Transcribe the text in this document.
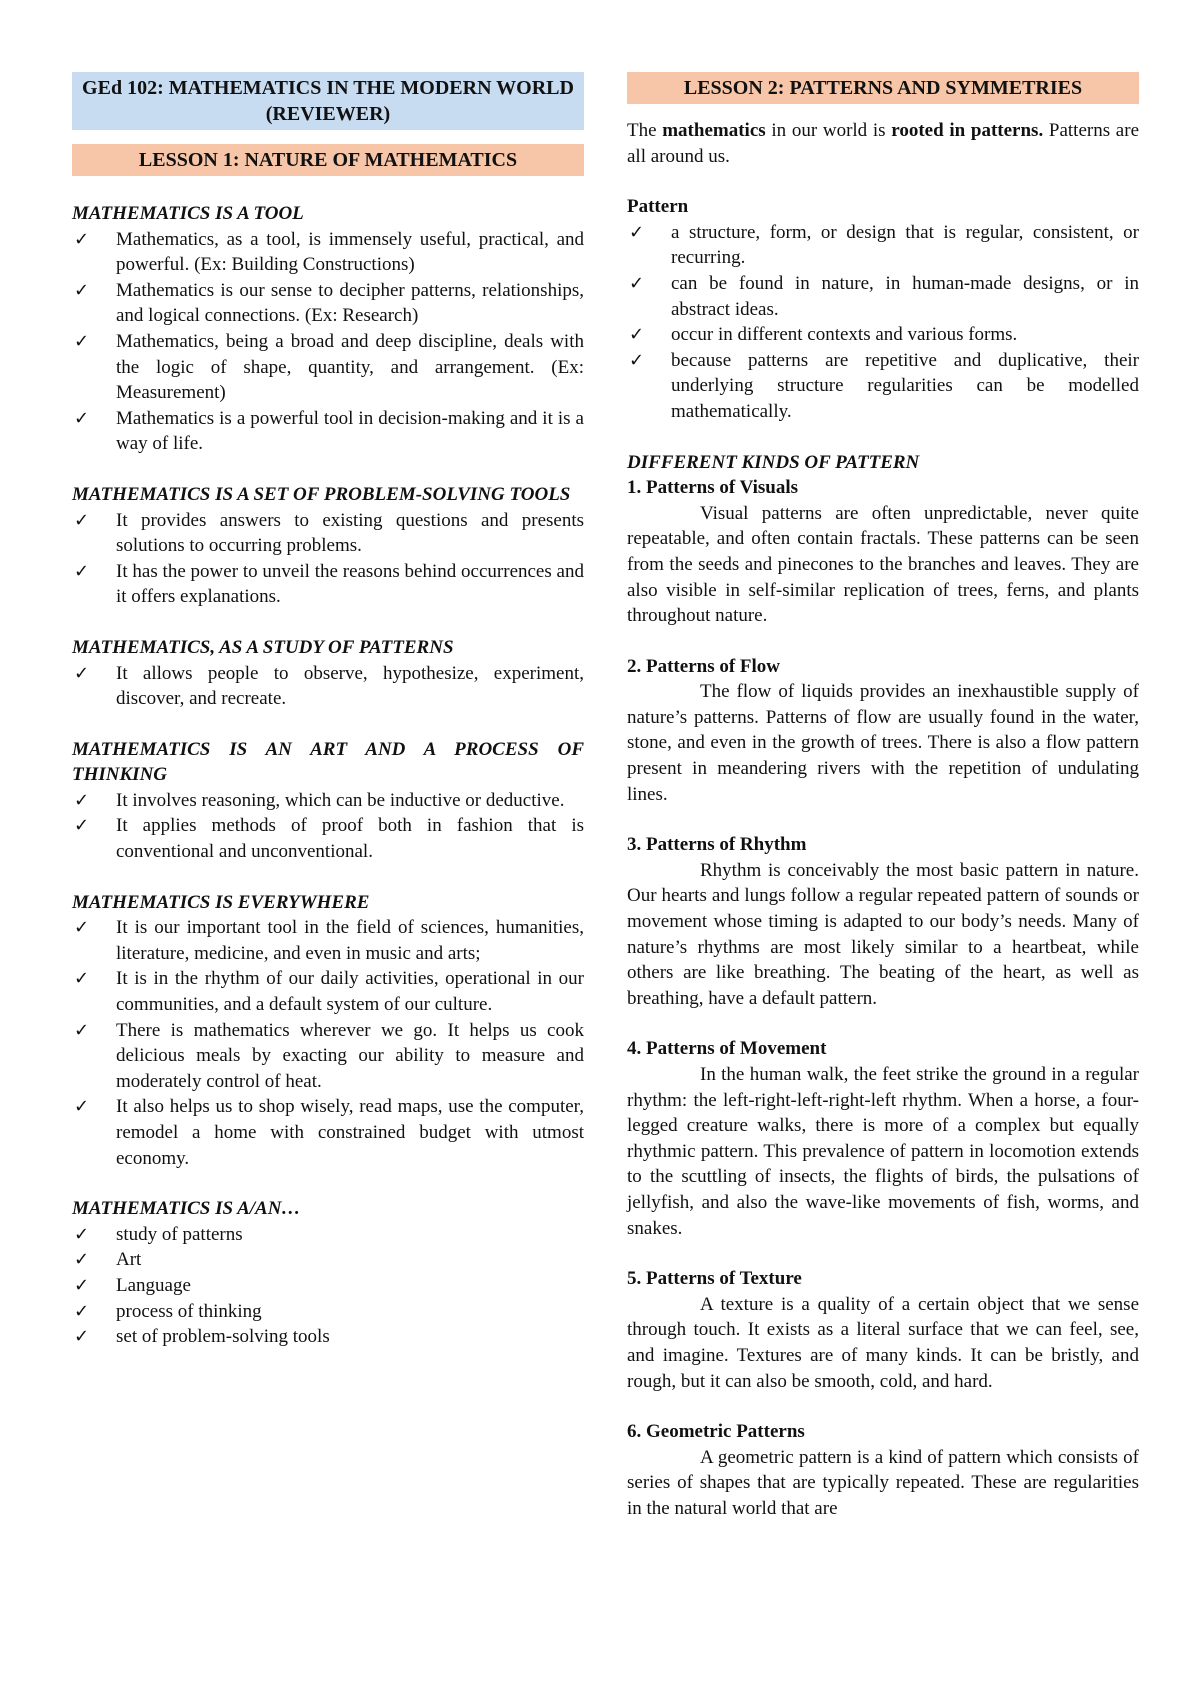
GEd 102: MATHEMATICS IN THE MODERN WORLD (REVIEWER)
LESSON 1: NATURE OF MATHEMATICS
MATHEMATICS IS A TOOL
✓ Mathematics, as a tool, is immensely useful, practical, and powerful. (Ex: Building Constructions)
✓ Mathematics is our sense to decipher patterns, relationships, and logical connections. (Ex: Research)
✓ Mathematics, being a broad and deep discipline, deals with the logic of shape, quantity, and arrangement. (Ex: Measurement)
✓ Mathematics is a powerful tool in decision-making and it is a way of life.
MATHEMATICS IS A SET OF PROBLEM-SOLVING TOOLS
✓ It provides answers to existing questions and presents solutions to occurring problems.
✓ It has the power to unveil the reasons behind occurrences and it offers explanations.
MATHEMATICS, AS A STUDY OF PATTERNS
✓ It allows people to observe, hypothesize, experiment, discover, and recreate.
MATHEMATICS IS AN ART AND A PROCESS OF THINKING
✓ It involves reasoning, which can be inductive or deductive.
✓ It applies methods of proof both in fashion that is conventional and unconventional.
MATHEMATICS IS EVERYWHERE
✓ It is our important tool in the field of sciences, humanities, literature, medicine, and even in music and arts;
✓ It is in the rhythm of our daily activities, operational in our communities, and a default system of our culture.
✓ There is mathematics wherever we go. It helps us cook delicious meals by exacting our ability to measure and moderately control of heat.
✓ It also helps us to shop wisely, read maps, use the computer, remodel a home with constrained budget with utmost economy.
MATHEMATICS IS A/AN…
✓ study of patterns
✓ Art
✓ Language
✓ process of thinking
✓ set of problem-solving tools
LESSON 2: PATTERNS AND SYMMETRIES

The mathematics in our world is rooted in patterns. Patterns are all around us.

Pattern
✓ a structure, form, or design that is regular, consistent, or recurring.
✓ can be found in nature, in human-made designs, or in abstract ideas.
✓ occur in different contexts and various forms.
✓ because patterns are repetitive and duplicative, their underlying structure regularities can be modelled mathematically.
DIFFERENT KINDS OF PATTERN
1. Patterns of Visuals

Visual patterns are often unpredictable, never quite repeatable, and often contain fractals. These patterns can be seen from the seeds and pinecones to the branches and leaves. They are also visible in self-similar replication of trees, ferns, and plants throughout nature.

2. Patterns of Flow

The flow of liquids provides an inexhaustible supply of nature’s patterns. Patterns of flow are usually found in the water, stone, and even in the growth of trees. There is also a flow pattern present in meandering rivers with the repetition of undulating lines.

3. Patterns of Rhythm

Rhythm is conceivably the most basic pattern in nature. Our hearts and lungs follow a regular repeated pattern of sounds or movement whose timing is adapted to our body’s needs. Many of nature’s rhythms are most likely similar to a heartbeat, while others are like breathing. The beating of the heart, as well as breathing, have a default pattern.

4. Patterns of Movement

In the human walk, the feet strike the ground in a regular rhythm: the left-right-left-right-left rhythm. When a horse, a four-legged creature walks, there is more of a complex but equally rhythmic pattern. This prevalence of pattern in locomotion extends to the scuttling of insects, the flights of birds, the pulsations of jellyfish, and also the wave-like movements of fish, worms, and snakes.

5. Patterns of Texture

A texture is a quality of a certain object that we sense through touch. It exists as a literal surface that we can feel, see, and imagine. Textures are of many kinds. It can be bristly, and rough, but it can also be smooth, cold, and hard.

6. Geometric Patterns

A geometric pattern is a kind of pattern which consists of series of shapes that are typically repeated. These are regularities in the natural world that are
